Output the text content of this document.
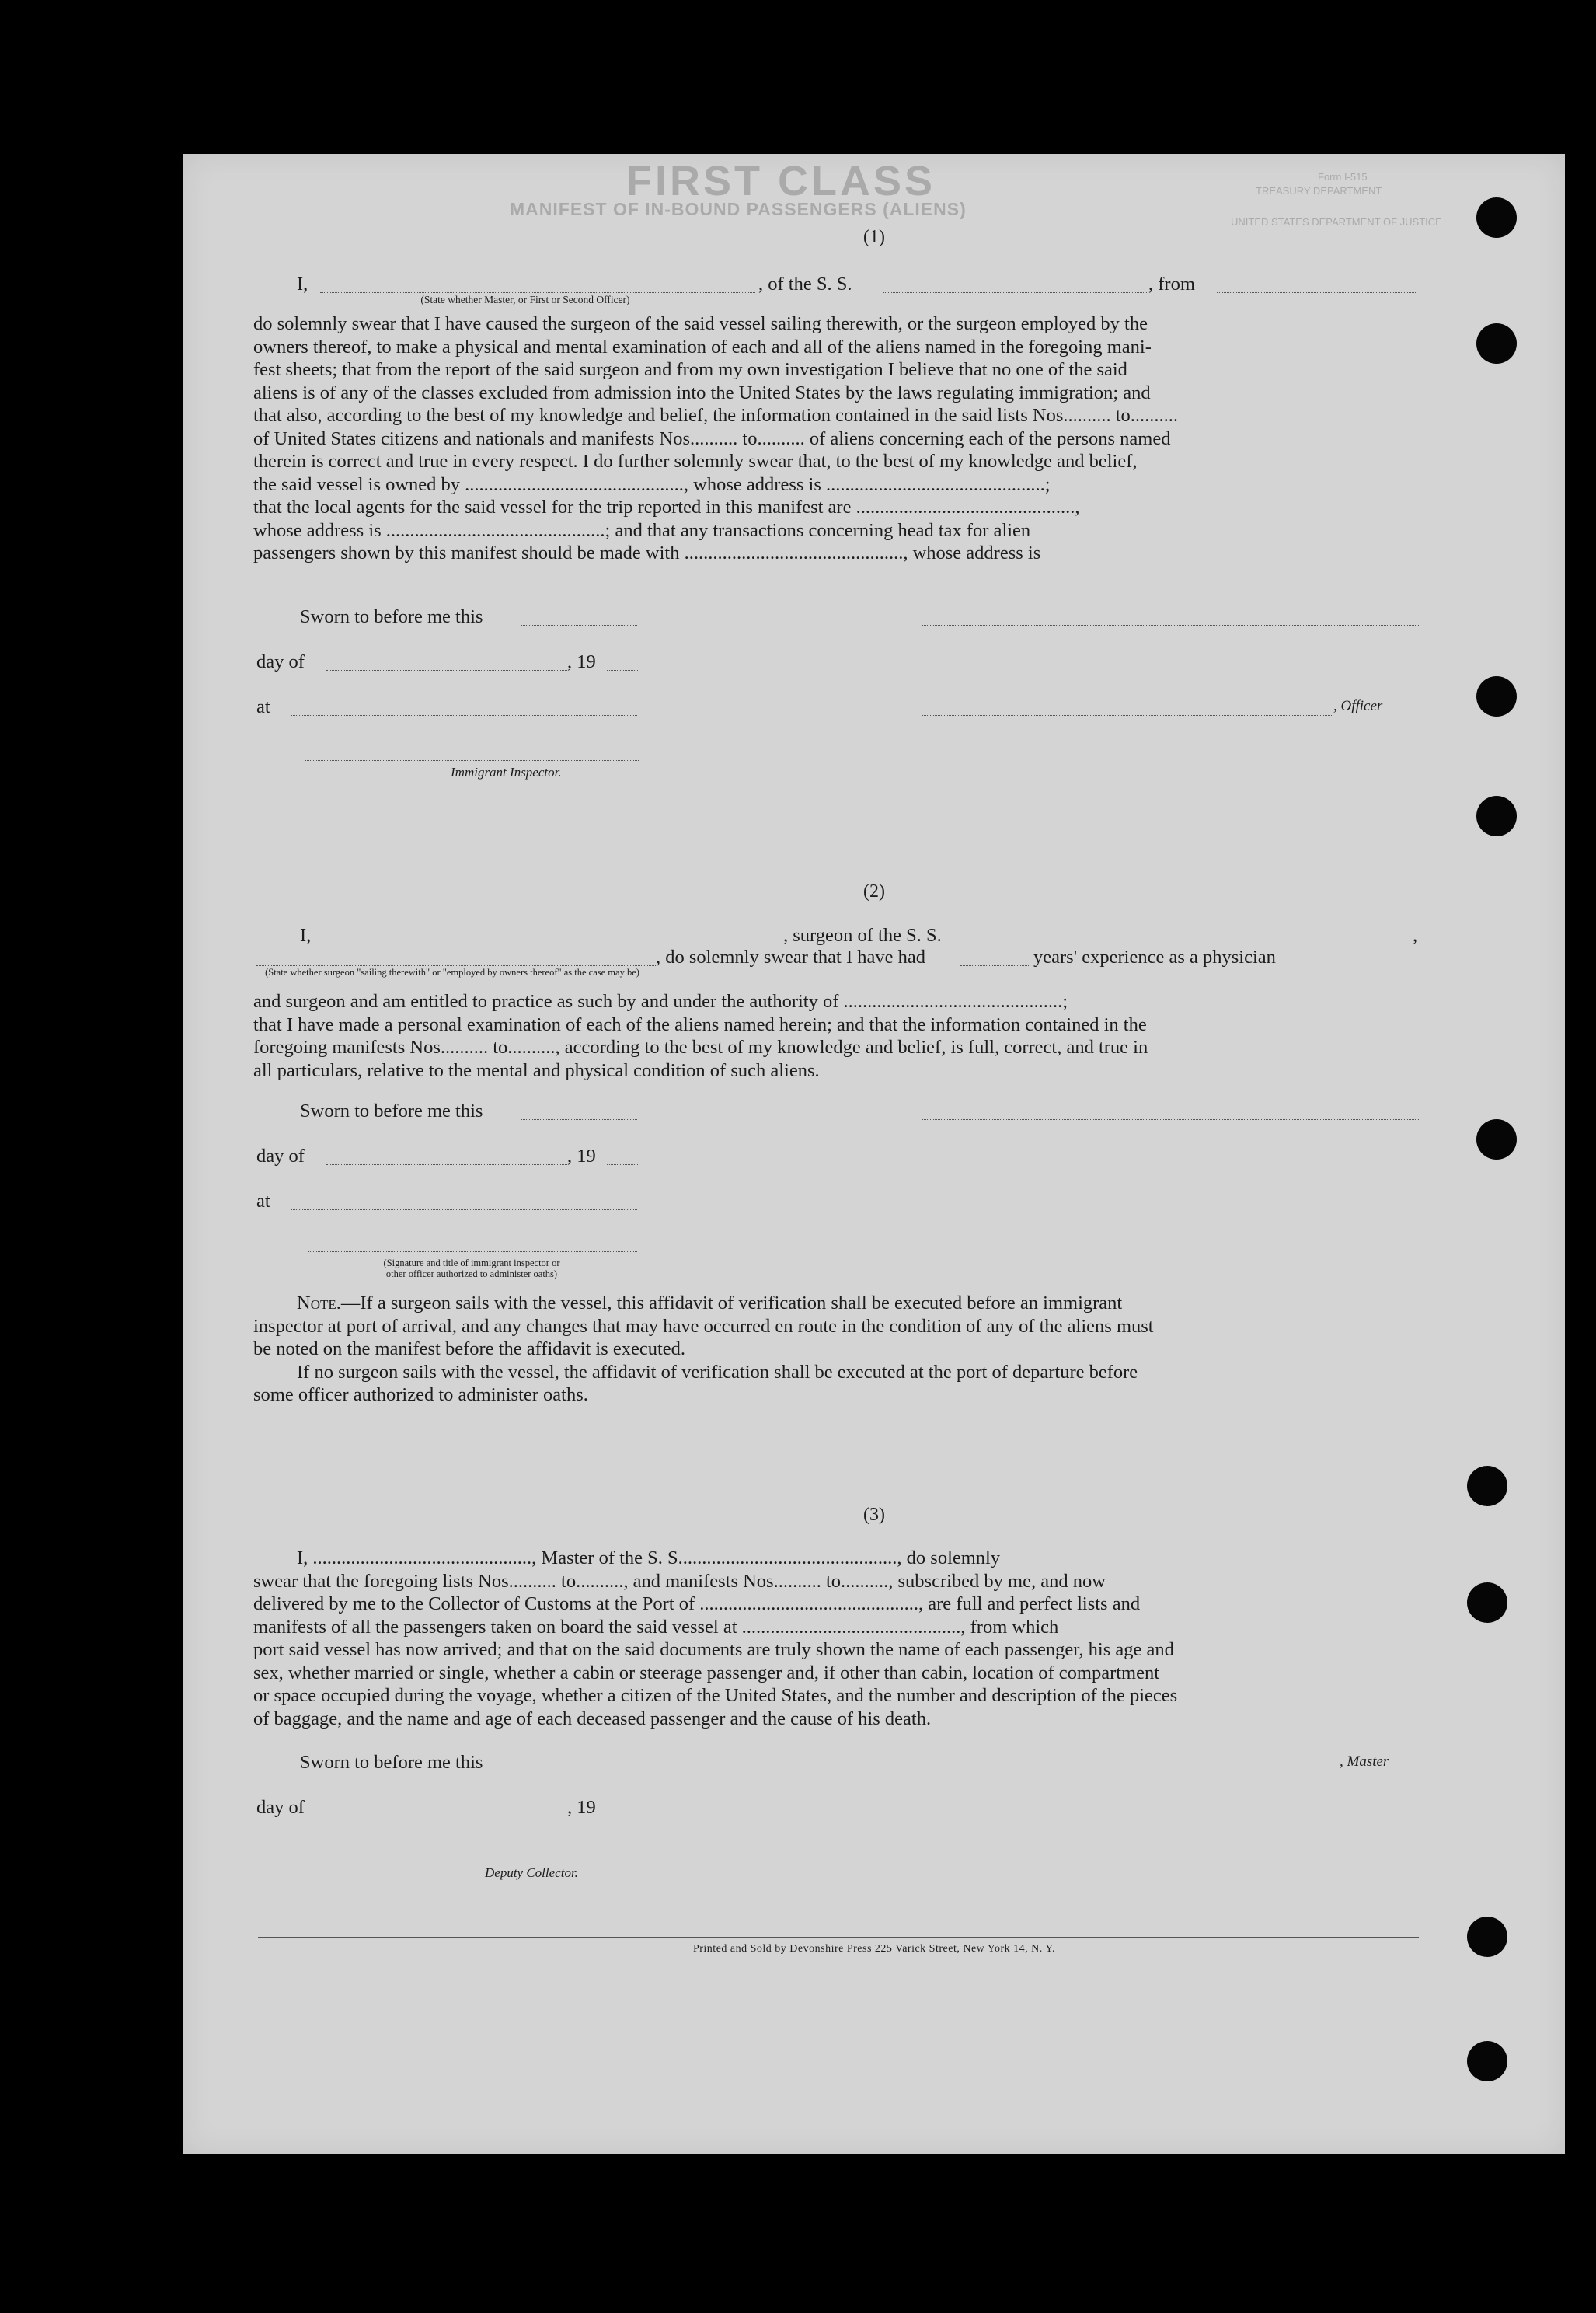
FIRST CLASS
MANIFEST OF IN-BOUND PASSENGERS (ALIENS)
Form I-515
TREASURY DEPARTMENT
UNITED STATES DEPARTMENT OF JUSTICE
(1)
I,	, of the S. S.	, from
(State whether Master, or First or Second Officer)
do solemnly swear that I have caused the surgeon of the said vessel sailing therewith, or the surgeon employed by the
owners thereof, to make a physical and mental examination of each and all of the aliens named in the foregoing mani-
fest sheets; that from the report of the said surgeon and from my own investigation I believe that no one of the said
aliens is of any of the classes excluded from admission into the United States by the laws regulating immigration; and
that also, according to the best of my knowledge and belief, the information contained in the said lists Nos.......... to..........
of United States citizens and nationals and manifests Nos.......... to.......... of aliens concerning each of the persons named
therein is correct and true in every respect. I do further solemnly swear that, to the best of my knowledge and belief,
the said vessel is owned by .............................................., whose address is ..............................................;
that the local agents for the said vessel for the trip reported in this manifest are ..............................................,
whose address is ..............................................; and that any transactions concerning head tax for alien
passengers shown by this manifest should be made with .............................................., whose address is
Sworn to before me this
day of	, 19
at	, Officer
Immigrant Inspector.
(2)
I,	, surgeon of the S. S.	,
, do solemnly swear that I have had	years' experience as a physician
(State whether surgeon "sailing therewith" or "employed by owners thereof" as the case may be)
and surgeon and am entitled to practice as such by and under the authority of ..............................................;
that I have made a personal examination of each of the aliens named herein; and that the information contained in the
foregoing manifests Nos.......... to.........., according to the best of my knowledge and belief, is full, correct, and true in
all particulars, relative to the mental and physical condition of such aliens.
Sworn to before me this
day of	, 19
at
(Signature and title of immigrant inspector or
other officer authorized to administer oaths)
Note.—If a surgeon sails with the vessel, this affidavit of verification shall be executed before an immigrant
inspector at port of arrival, and any changes that may have occurred en route in the condition of any of the aliens must
be noted on the manifest before the affidavit is executed.
If no surgeon sails with the vessel, the affidavit of verification shall be executed at the port of departure before
some officer authorized to administer oaths.
(3)
I, .............................................., Master of the S. S.............................................., do solemnly
swear that the foregoing lists Nos.......... to.........., and manifests Nos.......... to.........., subscribed by me, and now
delivered by me to the Collector of Customs at the Port of .............................................., are full and perfect lists and
manifests of all the passengers taken on board the said vessel at .............................................., from which
port said vessel has now arrived; and that on the said documents are truly shown the name of each passenger, his age and
sex, whether married or single, whether a cabin or steerage passenger and, if other than cabin, location of compartment
or space occupied during the voyage, whether a citizen of the United States, and the number and description of the pieces
of baggage, and the name and age of each deceased passenger and the cause of his death.
Sworn to before me this	, Master
day of	, 19
Deputy Collector.
Printed and Sold by Devonshire Press 225 Varick Street, New York 14, N. Y.
